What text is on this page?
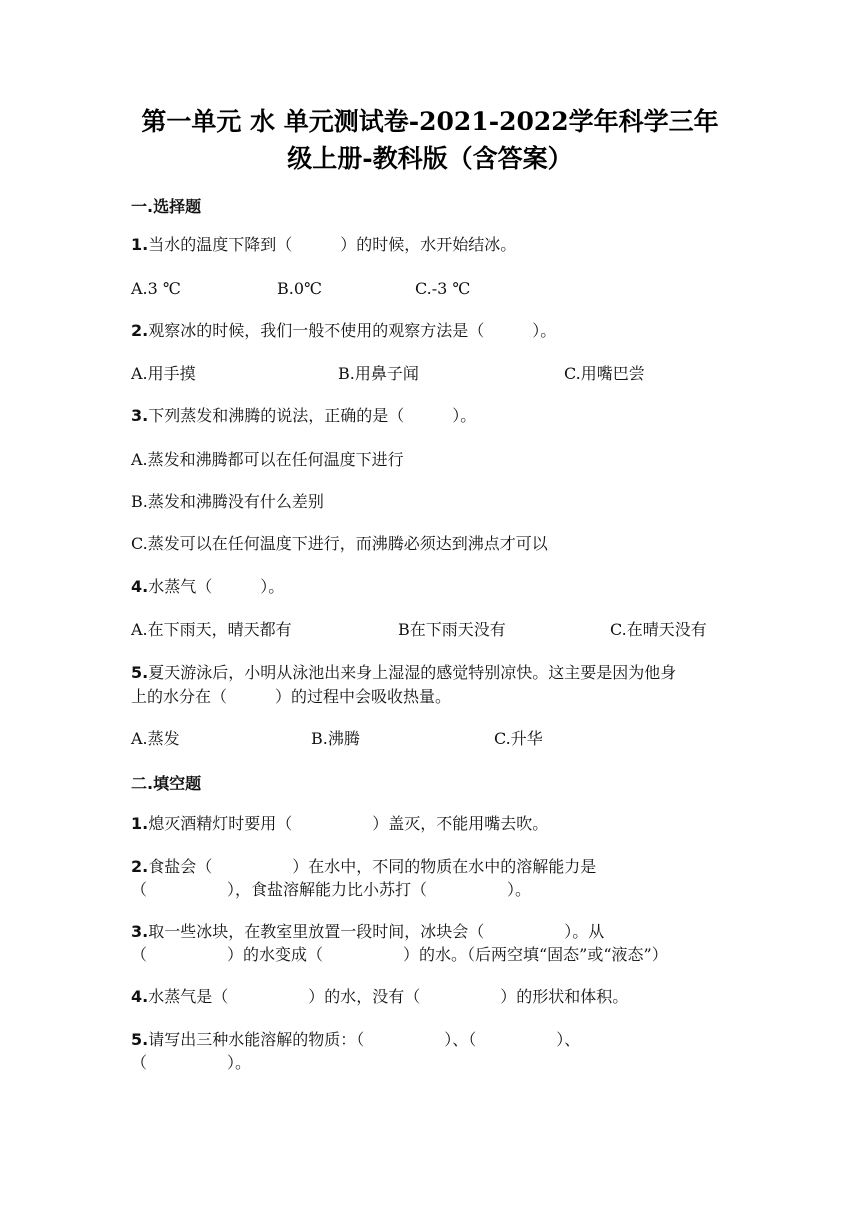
第一单元 水 单元测试卷-2021-2022学年科学三年
级上册-教科版（含答案）
一.选择题
1.当水的温度下降到（　　　）的时候，水开始结冰。
A.3 ℃	B.0℃	C.-3 ℃
2.观察冰的时候，我们一般不使用的观察方法是（　　　）。
A.用手摸	B.用鼻子闻	C.用嘴巴尝
3.下列蒸发和沸腾的说法，正确的是（　　　）。
A.蒸发和沸腾都可以在任何温度下进行
B.蒸发和沸腾没有什么差别
C.蒸发可以在任何温度下进行，而沸腾必须达到沸点才可以
4.水蒸气（　　　）。
A.在下雨天，晴天都有	B在下雨天没有	C.在晴天没有
5.夏天游泳后，小明从泳池出来身上湿湿的感觉特别凉快。这主要是因为他身
上的水分在（　　　）的过程中会吸收热量。
A.蒸发	B.沸腾	C.升华
二.填空题
1.熄灭酒精灯时要用（　　　　　）盖灭，不能用嘴去吹。
2.食盐会（　　　　　）在水中，不同的物质在水中的溶解能力是
（　　　　　），食盐溶解能力比小苏打（　　　　　）。
3.取一些冰块，在教室里放置一段时间，冰块会（　　　　　）。从
（　　　　　）的水变成（　　　　　）的水。（后两空填“固态”或“液态”）
4.水蒸气是（　　　　　）的水，没有（　　　　　）的形状和体积。
5.请写出三种水能溶解的物质：（　　　　　）、（　　　　　）、
（　　　　　）。
